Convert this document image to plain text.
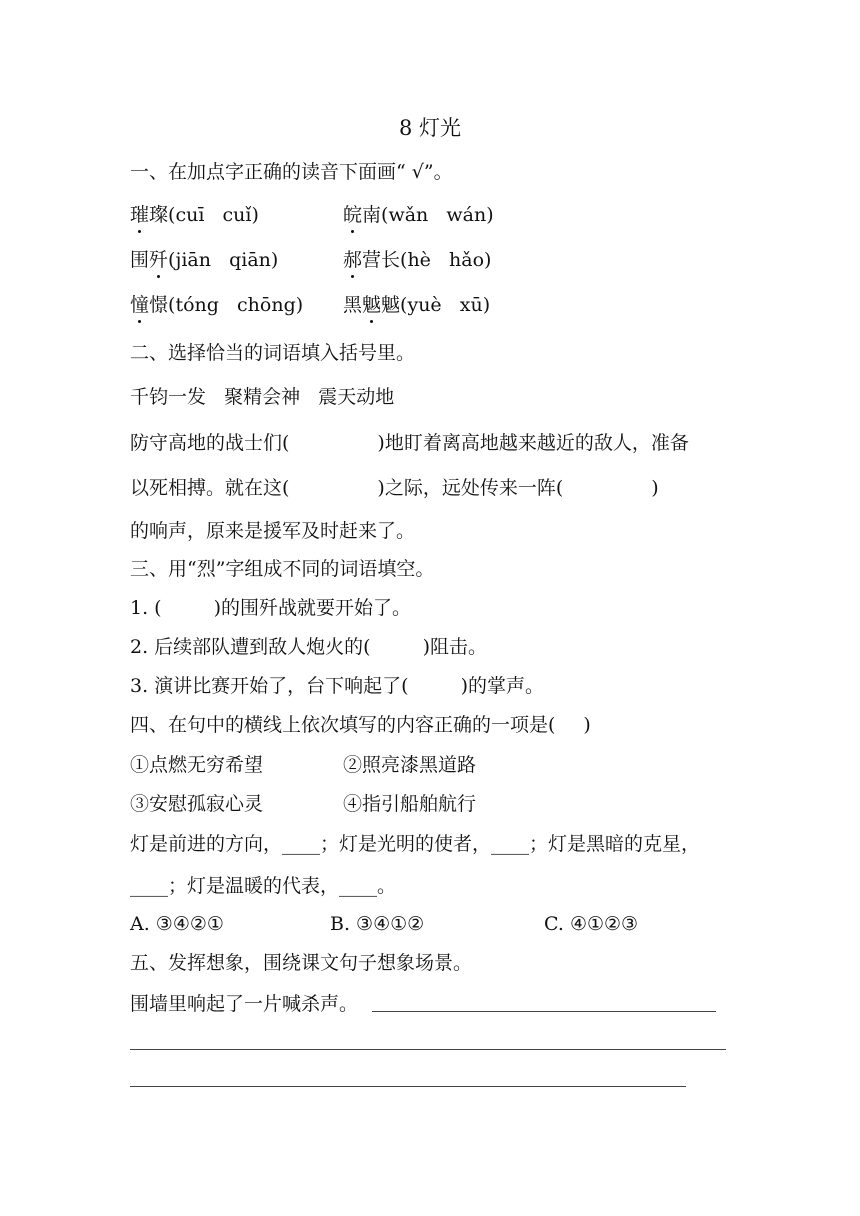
8 灯光
一、在加点字正确的读音下面画“ √”。
璀璨(cuī   cuǐ)	皖南(wǎn   wán)
围歼(jiān   qiān)	郝营长(hè   hǎo)
憧憬(tóng   chōng) 黑魆魆(yuè   xū)
二、选择恰当的词语填入括号里。
千钧一发   聚精会神   震天动地
防守高地的战士们(	)地盯着离高地越来越近的敌人，准备
以死相搏。就在这(	)之际，远处传来一阵(	)
的响声，原来是援军及时赶来了。
三、用“烈”字组成不同的词语填空。
1. (	)的围歼战就要开始了。
2. 后续部队遭到敌人炮火的(	)阻击。
3. 演讲比赛开始了，台下响起了(	)的掌声。
四、在句中的横线上依次填写的内容正确的一项是( )
①点燃无穷希望	②照亮漆黑道路
③安慰孤寂心灵	④指引船舶航行
灯是前进的方向，____；灯是光明的使者，____；灯是黑暗的克星，
____；灯是温暖的代表，____。
A. ③④②①	B. ③④①②	C. ④①②③
五、发挥想象，围绕课文句子想象场景。
围墙里响起了一片喊杀声。
